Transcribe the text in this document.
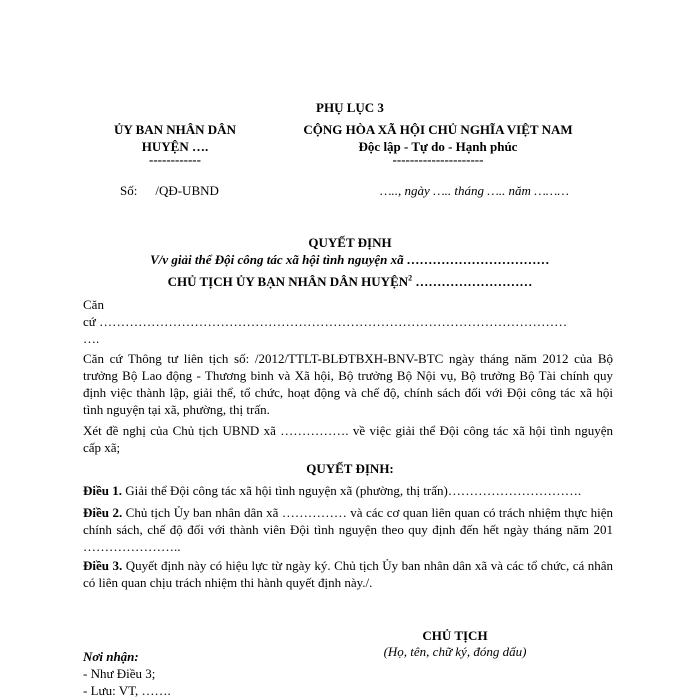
PHỤ LỤC 3
ỦY BAN NHÂN DÂN
HUYỆN ….
------------
CỘNG HÒA XÃ HỘI CHỦ NGHĨA VIỆT NAM
Độc lập - Tự do - Hạnh phúc
---------------------
Số: /QĐ-UBND	….., ngày ….. tháng ….. năm ………
QUYẾT ĐỊNH
V/v giải thể Đội công tác xã hội tình nguyện xã ……………………………
CHỦ TỊCH ỦY BẠN NHÂN DÂN HUYỆN$^2$ ………………………
Căn
cứ ………………………………………………………………………………………………
….

Căn cứ Thông tư liên tịch số: /2012/TTLT-BLĐTBXH-BNV-BTC ngày tháng năm 2012 của Bộ trưởng Bộ Lao động - Thương binh và Xã hội, Bộ trưởng Bộ Nội vụ, Bộ trưởng Bộ Tài chính quy định việc thành lập, giải thể, tổ chức, hoạt động và chế độ, chính sách đối với Đội công tác xã hội tình nguyện tại xã, phường, thị trấn.

Xét đề nghị của Chủ tịch UBND xã ……………. về việc giải thể Đội công tác xã hội tình nguyện cấp xã;

QUYẾT ĐỊNH:

Điều 1. Giải thể Đội công tác xã hội tình nguyện xã (phường, thị trấn)………………………….

Điều 2. Chủ tịch Ủy ban nhân dân xã …………… và các cơ quan liên quan có trách nhiệm thực hiện chính sách, chế độ đối với thành viên Đội tình nguyện theo quy định đến hết ngày tháng năm 201 …………………..

Điều 3. Quyết định này có hiệu lực từ ngày ký. Chủ tịch Ủy ban nhân dân xã và các tổ chức, cá nhân có liên quan chịu trách nhiệm thi hành quyết định này./.

CHỦ TỊCH
(Họ, tên, chữ ký, đóng dấu)
Nơi nhận:
- Như Điều 3;
- Lưu: VT, …….
